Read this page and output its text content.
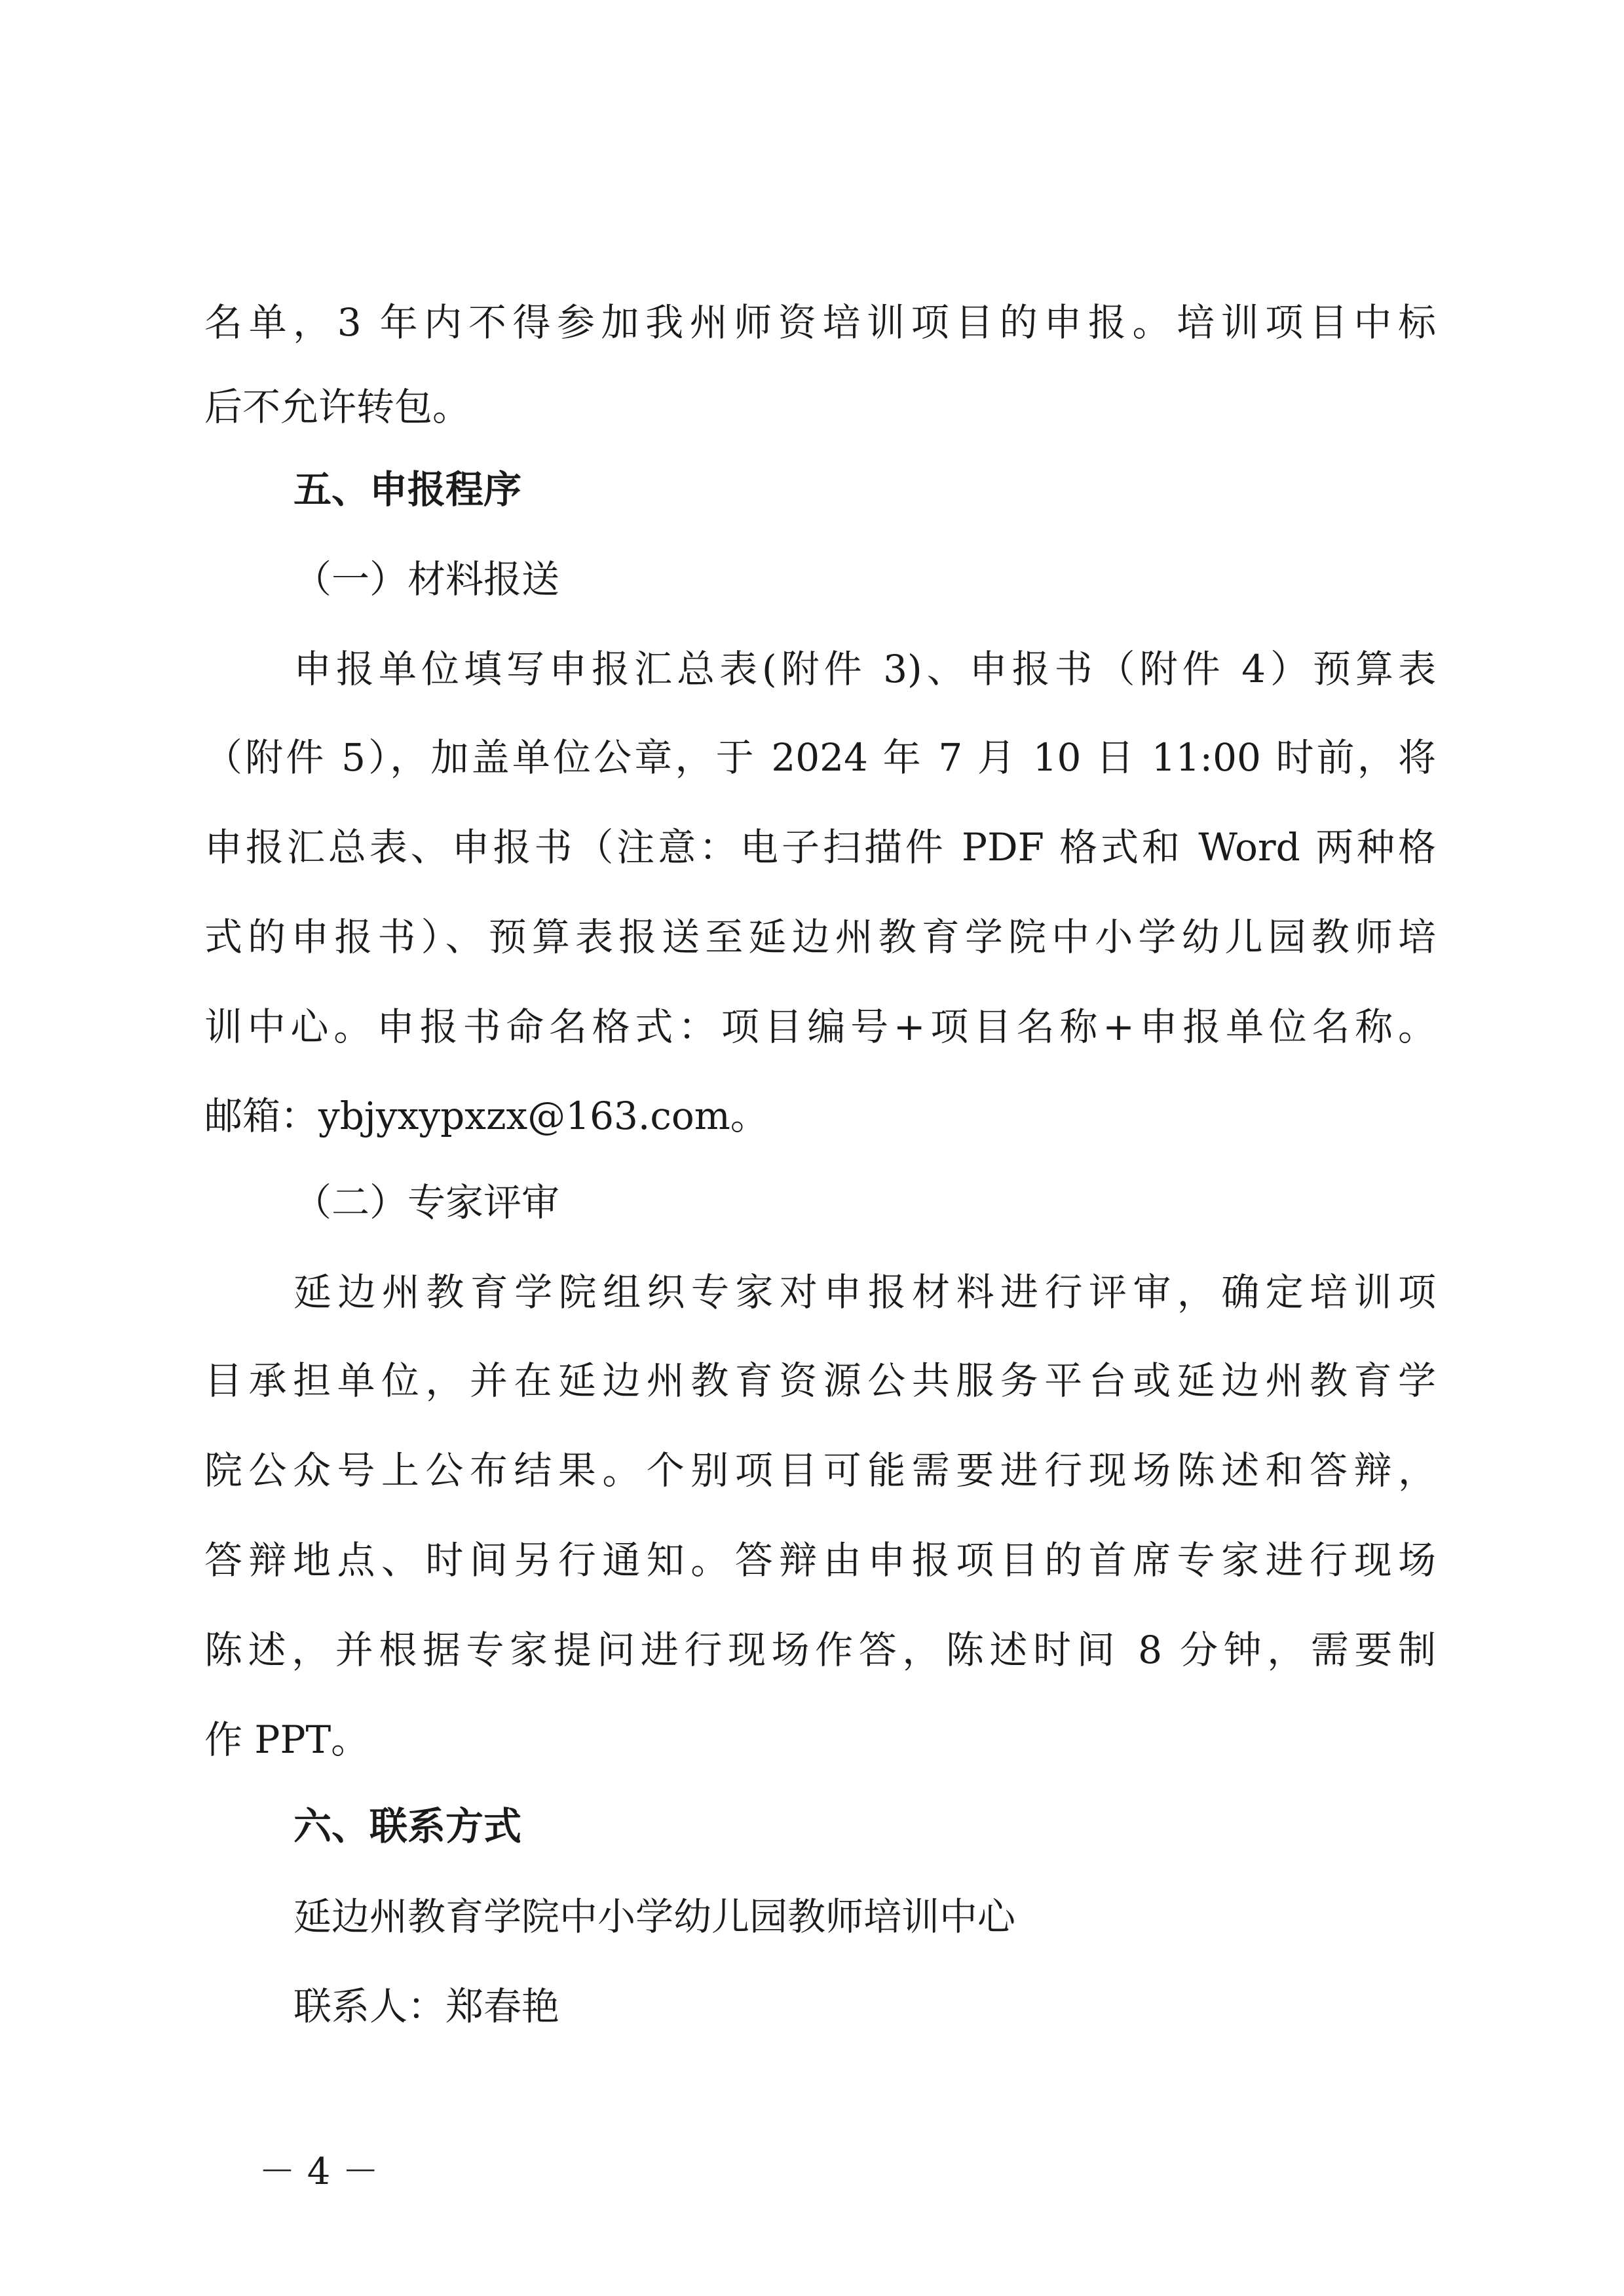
名单，3 年内不得参加我州师资培训项目的申报。培训项目中标
后不允许转包。
五、申报程序
（一）材料报送
申报单位填写申报汇总表(附件 3)、申报书（附件 4）预算表
（附件 5），加盖单位公章，于 2024 年 7 月 10 日 11:00 时前，将
申报汇总表、申报书（注意：电子扫描件 PDF 格式和 Word 两种格
式的申报书）、预算表报送至延边州教育学院中小学幼儿园教师培
训中心。申报书命名格式：项目编号+项目名称+申报单位名称。
邮箱：ybjyxypxzx@163.com。
（二）专家评审
延边州教育学院组织专家对申报材料进行评审，确定培训项
目承担单位，并在延边州教育资源公共服务平台或延边州教育学
院公众号上公布结果。个别项目可能需要进行现场陈述和答辩，
答辩地点、时间另行通知。答辩由申报项目的首席专家进行现场
陈述，并根据专家提问进行现场作答，陈述时间 8 分钟，需要制
作 PPT。
六、联系方式
延边州教育学院中小学幼儿园教师培训中心
联系人：郑春艳
－ 4 －
